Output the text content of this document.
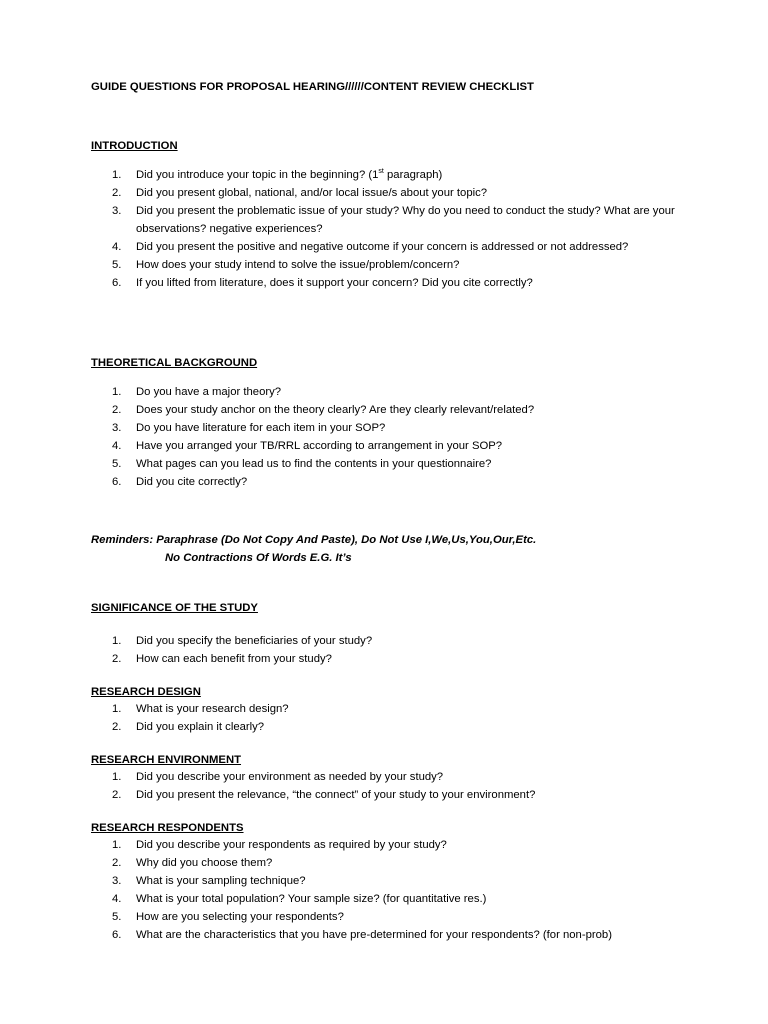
GUIDE QUESTIONS FOR PROPOSAL HEARING//////CONTENT REVIEW CHECKLIST
INTRODUCTION
1. Did you introduce your topic in the beginning? (1st paragraph)
2. Did you present global, national, and/or local issue/s about your topic?
3. Did you present the problematic issue of your study? Why do you need to conduct the study? What are your observations? negative experiences?
4. Did you present the positive and negative outcome if your concern is addressed or not addressed?
5. How does your study intend to solve the issue/problem/concern?
6. If you lifted from literature, does it support your concern? Did you cite correctly?
THEORETICAL BACKGROUND
1. Do you have a major theory?
2. Does your study anchor on the theory clearly? Are they clearly relevant/related?
3. Do you have literature for each item in your SOP?
4. Have you arranged your TB/RRL according to arrangement in your SOP?
5. What pages can you lead us to find the contents in your questionnaire?
6. Did you cite correctly?
Reminders: Paraphrase (Do Not Copy And Paste), Do Not Use I,We,Us,You,Our,Etc.
No Contractions Of Words E.G. It’s
SIGNIFICANCE OF THE STUDY
1. Did you specify the beneficiaries of your study?
2. How can each benefit from your study?
RESEARCH DESIGN
1. What is your research design?
2. Did you explain it clearly?
RESEARCH ENVIRONMENT
1. Did you describe your environment as needed by your study?
2. Did you present the relevance, “the connect” of your study to your environment?
RESEARCH RESPONDENTS
1. Did you describe your respondents as required by your study?
2. Why did you choose them?
3. What is your sampling technique?
4. What is your total population? Your sample size? (for quantitative res.)
5. How are you selecting your respondents?
6. What are the characteristics that you have pre-determined for your respondents? (for non-prob)
